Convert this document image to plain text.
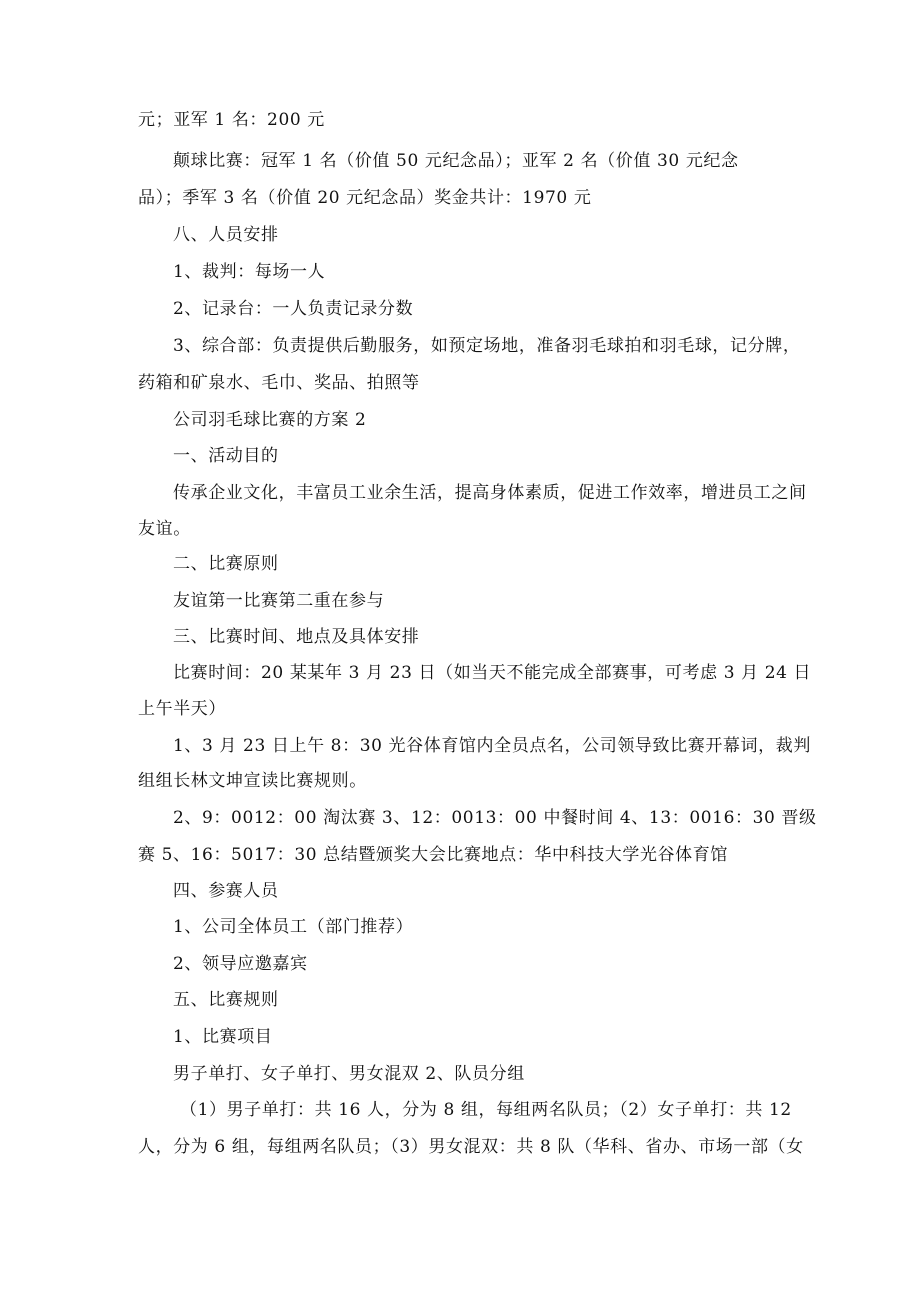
元；亚军 1 名：200 元
颠球比赛：冠军 1 名（价值 50 元纪念品）；亚军 2 名（价值 30 元纪念
品）；季军 3 名（价值 20 元纪念品）奖金共计：1970 元
八、人员安排
1、裁判：每场一人
2、记录台：一人负责记录分数
3、综合部：负责提供后勤服务，如预定场地，准备羽毛球拍和羽毛球，记分牌，
药箱和矿泉水、毛巾、奖品、拍照等
公司羽毛球比赛的方案 2
一、活动目的
传承企业文化，丰富员工业余生活，提高身体素质，促进工作效率，增进员工之间
友谊。
二、比赛原则
友谊第一比赛第二重在参与
三、比赛时间、地点及具体安排
比赛时间：20 某某年 3 月 23 日（如当天不能完成全部赛事，可考虑 3 月 24 日
上午半天）
1、3 月 23 日上午 8：30 光谷体育馆内全员点名，公司领导致比赛开幕词，裁判
组组长林文坤宣读比赛规则。
2、9：0012：00 淘汰赛 3、12：0013：00 中餐时间 4、13：0016：30 晋级
赛 5、16：5017：30 总结暨颁奖大会比赛地点：华中科技大学光谷体育馆
四、参赛人员
1、公司全体员工（部门推荐）
2、领导应邀嘉宾
五、比赛规则
1、比赛项目
男子单打、女子单打、男女混双 2、队员分组
（1）男子单打：共 16 人，分为 8 组，每组两名队员；（2）女子单打：共 12
人，分为 6 组，每组两名队员；（3）男女混双：共 8 队（华科、省办、市场一部（女
